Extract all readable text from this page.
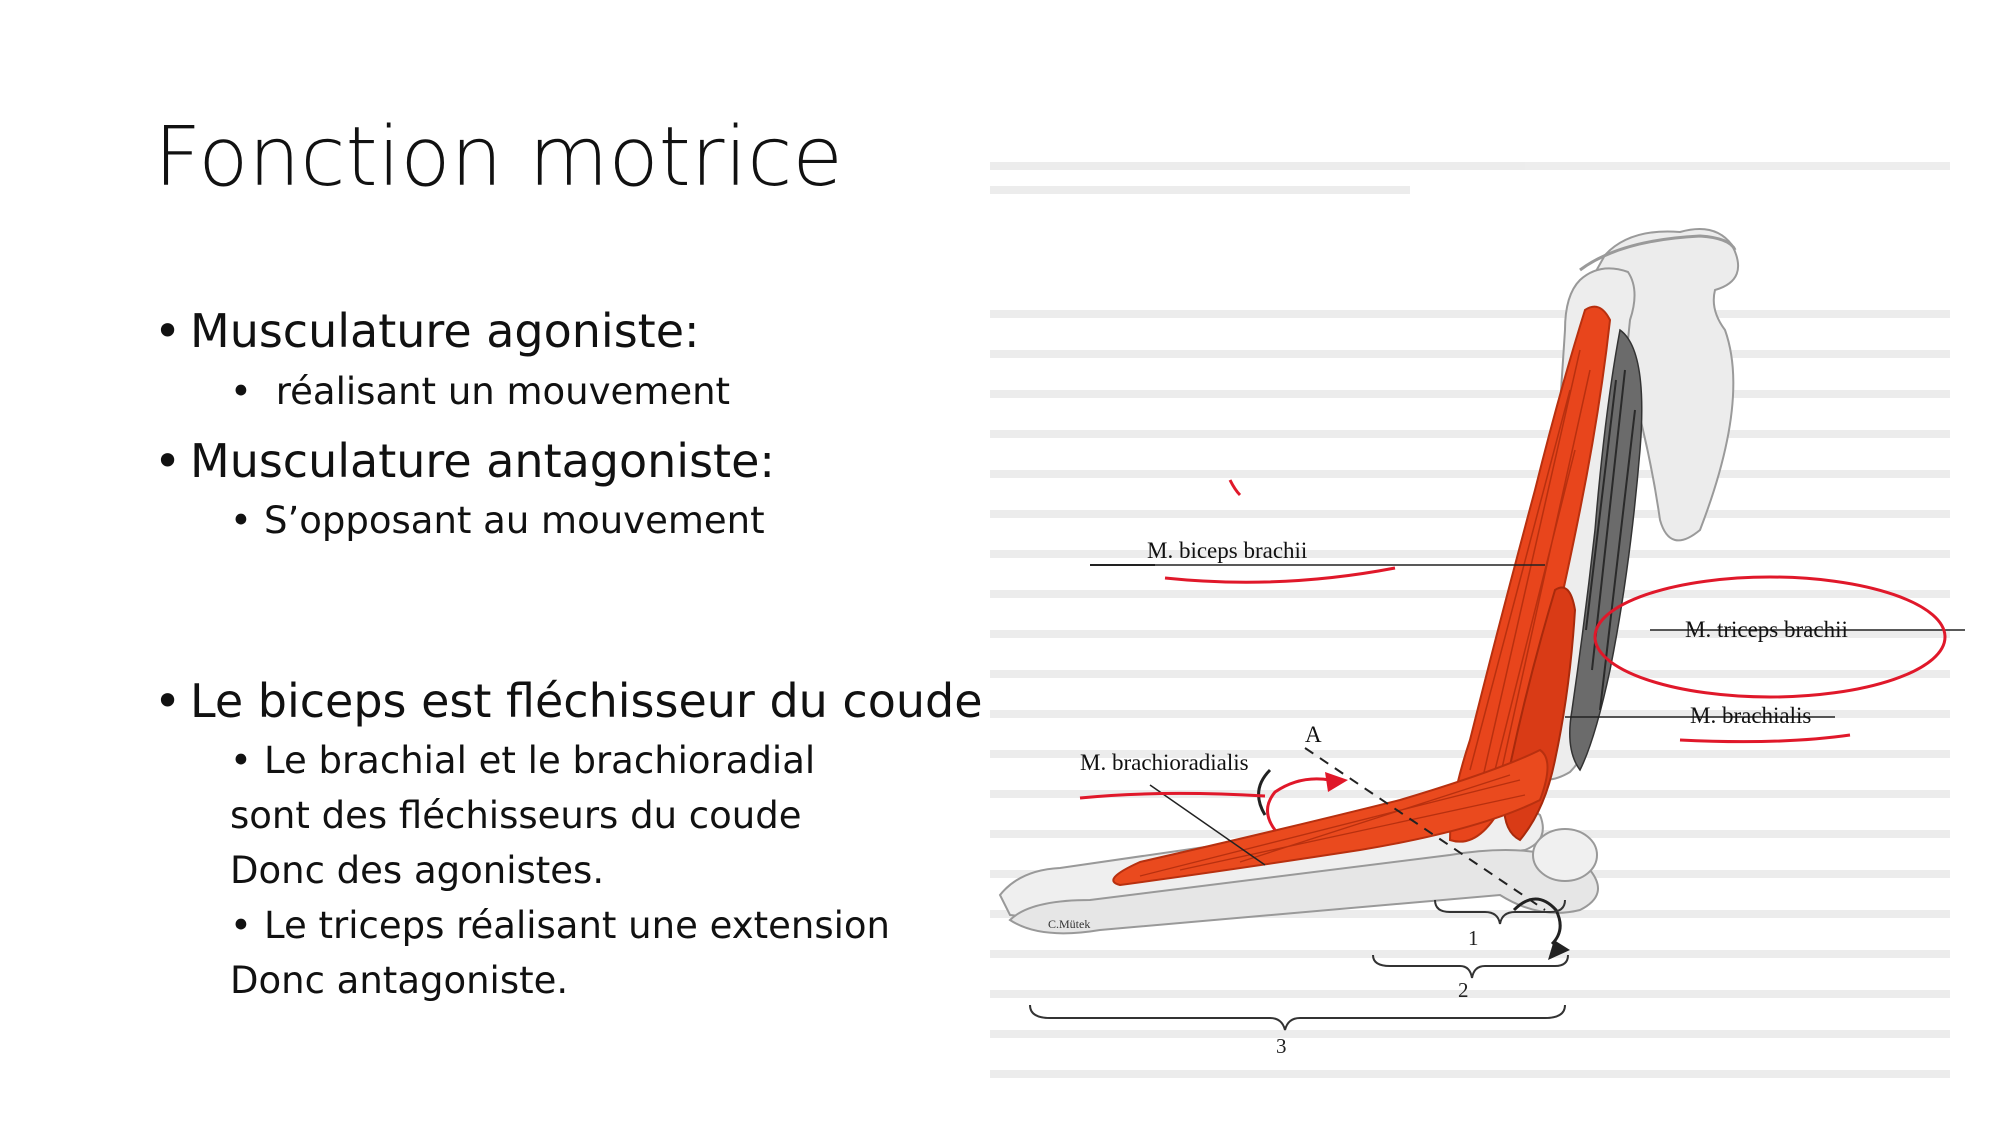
Fonction motrice
• Musculature agoniste:
• réalisant un mouvement
• Musculature antagoniste:
• S’opposant au mouvement
• Le biceps est fléchisseur du coude
• Le brachial et le brachioradial
sont des fléchisseurs du coude
Donc des agonistes.
• Le triceps réalisant une extension
Donc antagoniste.
M. biceps brachii
M. triceps brachii
M. brachialis
M. brachioradialis
A
1
2
3
C.Mütek
